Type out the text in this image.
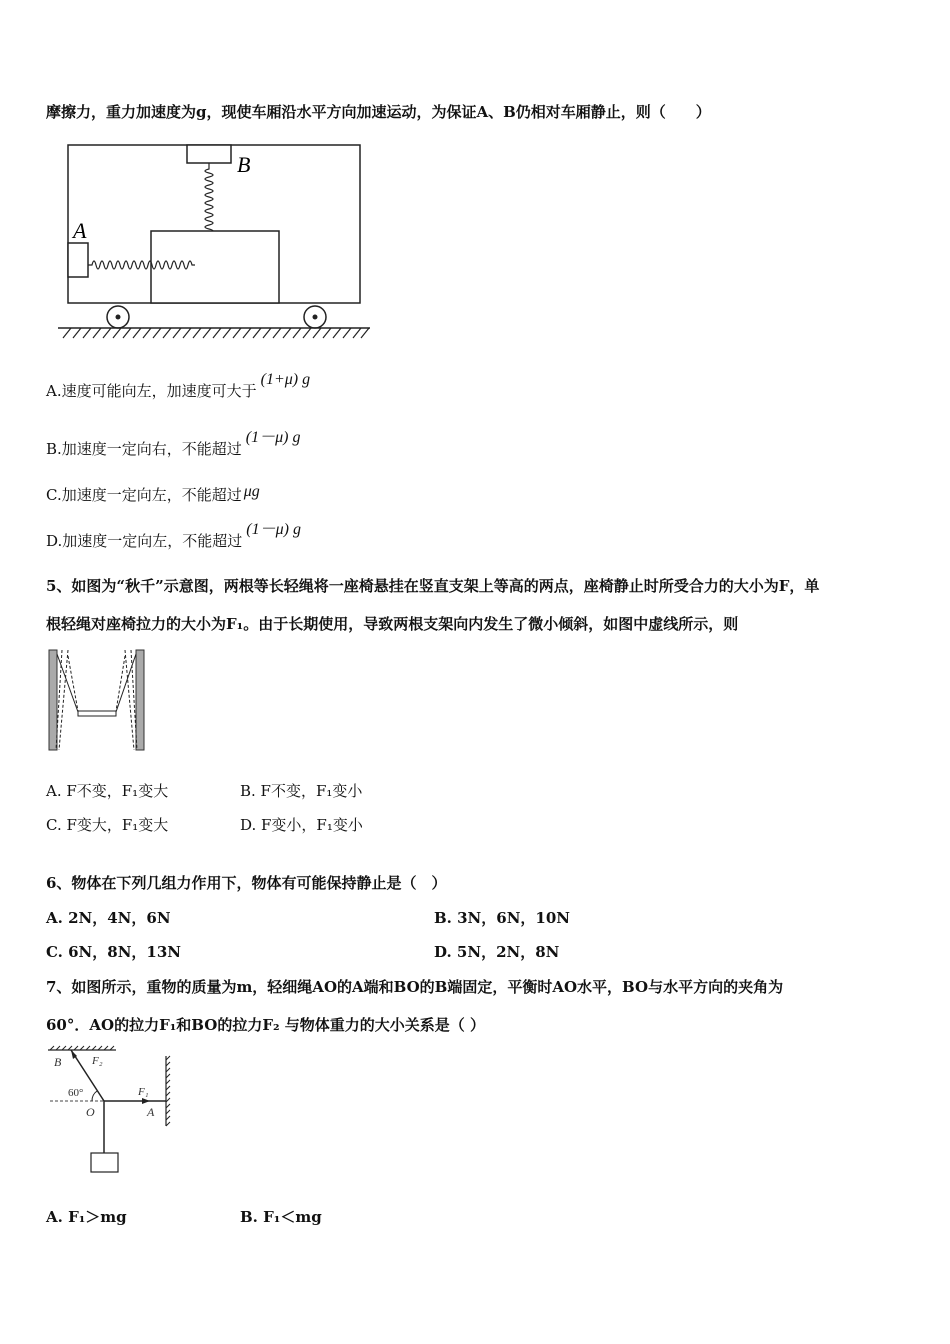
摩擦力，重力加速度为g，现使车厢沿水平方向加速运动，为保证A、B仍相对车厢静止，则（　　）
B
A
A.速度可能向左，加速度可大于(1+μ) g
B.加速度一定向右，不能超过(1－μ) g
C.加速度一定向左，不能超过 μg
D.加速度一定向左，不能超过(1－μ) g
5、如图为“秋千”示意图，两根等长轻绳将一座椅悬挂在竖直支架上等高的两点，座椅静止时所受合力的大小为F，单
根轻绳对座椅拉力的大小为F₁。由于长期使用，导致两根支架向内发生了微小倾斜，如图中虚线所示，则
A. F不变，F₁变大	B. F不变，F₁变小
C. F变大，F₁变大	D. F变小，F₁变小
6、物体在下列几组力作用下，物体有可能保持静止是（　）
A. 2N，4N，6N	B. 3N，6N，10N
C. 6N，8N，13N	D. 5N，2N，8N
7、如图所示，重物的质量为m，轻细绳AO的A端和BO的B端固定，平衡时AO水平，BO与水平方向的夹角为
60°．AO的拉力F₁和BO的拉力F₂ 与物体重力的大小关系是（ ）
B	F₂
60°	F₁
O	A
A. F₁＞mg	B. F₁＜mg
